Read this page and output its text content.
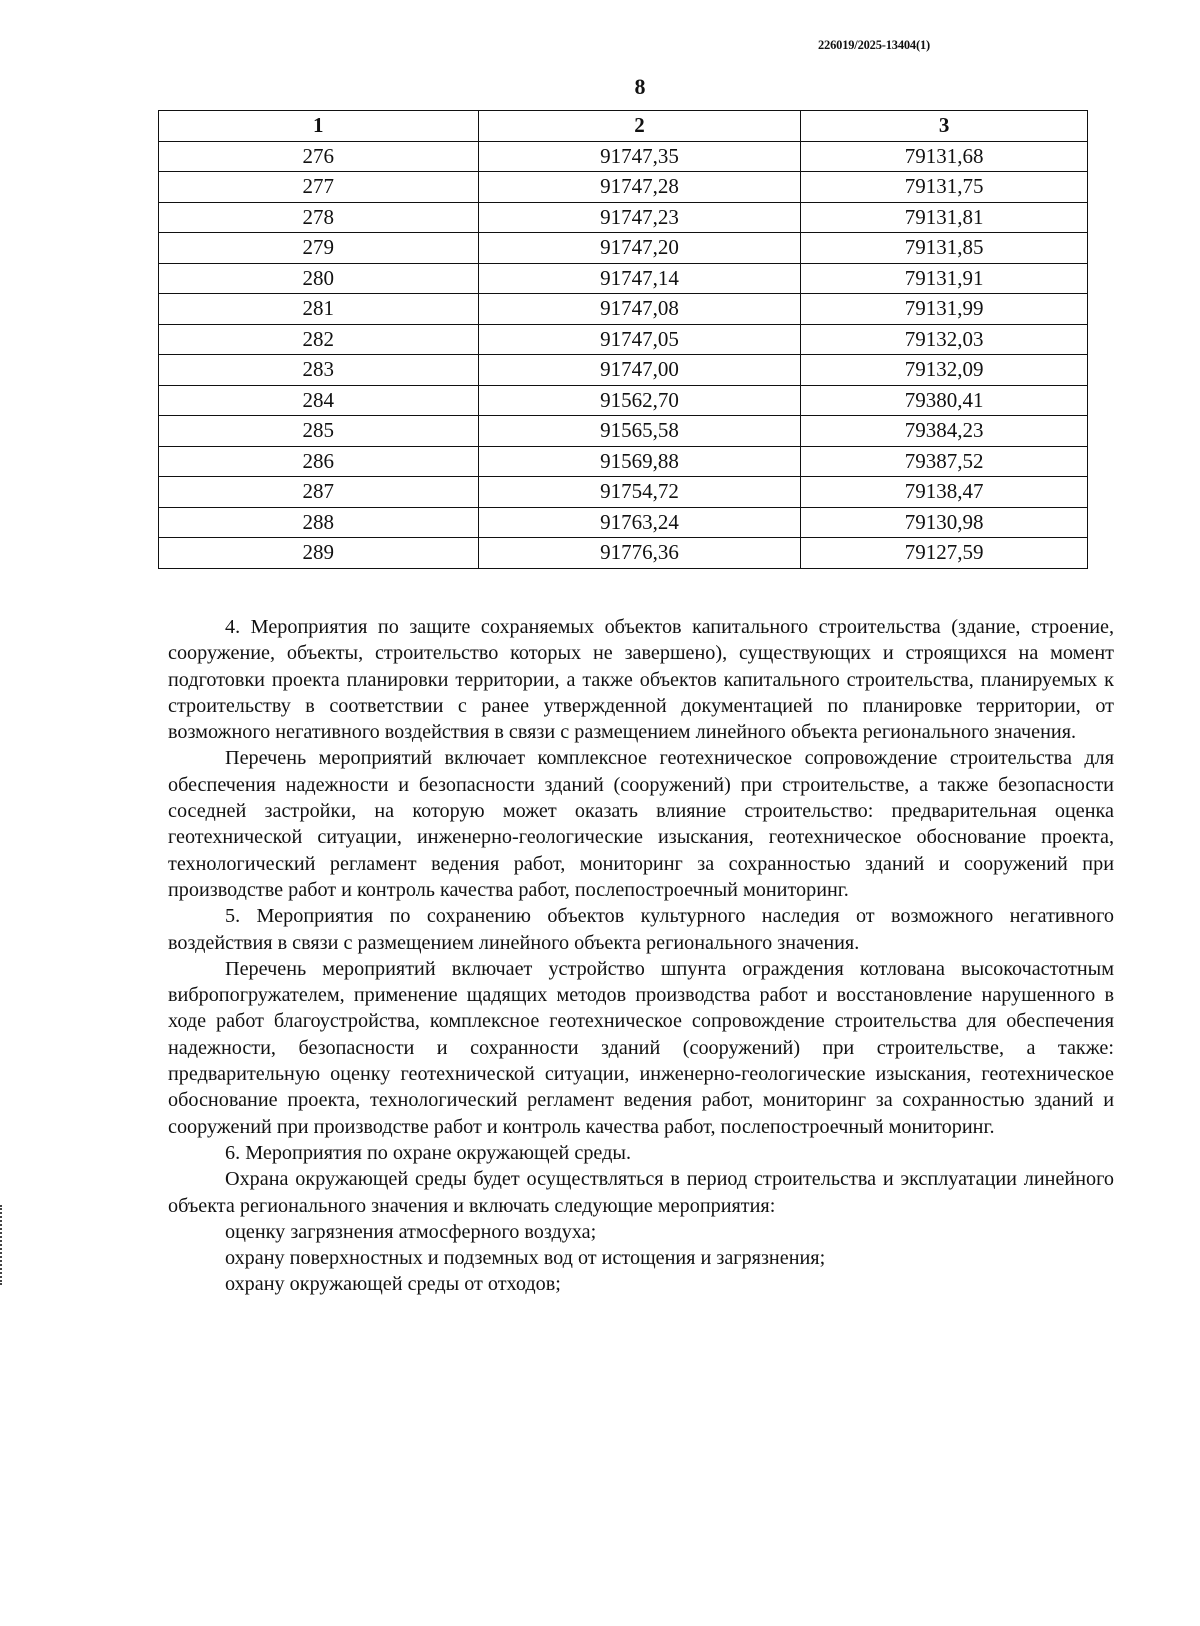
226019/2025-13404(1)
8
1	2	3
276	91747,35	79131,68
277	91747,28	79131,75
278	91747,23	79131,81
279	91747,20	79131,85
280	91747,14	79131,91
281	91747,08	79131,99
282	91747,05	79132,03
283	91747,00	79132,09
284	91562,70	79380,41
285	91565,58	79384,23
286	91569,88	79387,52
287	91754,72	79138,47
288	91763,24	79130,98
289	91776,36	79127,59

4. Мероприятия по защите сохраняемых объектов капитального строительства (здание, строение, сооружение, объекты, строительство которых не завершено), существующих и строящихся на момент подготовки проекта планировки территории, а также объектов капитального строительства, планируемых к строительству в соответствии с ранее утвержденной документацией по планировке территории, от возможного негативного воздействия в связи с размещением линейного объекта регионального значения.

Перечень мероприятий включает комплексное геотехническое сопровождение строительства для обеспечения надежности и безопасности зданий (сооружений) при строительстве, а также безопасности соседней застройки, на которую может оказать влияние строительство: предварительная оценка геотехнической ситуации, инженерно-геологические изыскания, геотехническое обоснование проекта, технологический регламент ведения работ, мониторинг за сохранностью зданий и сооружений при производстве работ и контроль качества работ, послепостроечный мониторинг.

5. Мероприятия по сохранению объектов культурного наследия от возможного негативного воздействия в связи с размещением линейного объекта регионального значения.

Перечень мероприятий включает устройство шпунта ограждения котлована высокочастотным вибропогружателем, применение щадящих методов производства работ и восстановление нарушенного в ходе работ благоустройства, комплексное геотехническое сопровождение строительства для обеспечения надежности, безопасности и сохранности зданий (сооружений) при строительстве, а также: предварительную оценку геотехнической ситуации, инженерно-геологические изыскания, геотехническое обоснование проекта, технологический регламент ведения работ, мониторинг за сохранностью зданий и сооружений при производстве работ и контроль качества работ, послепостроечный мониторинг.

6. Мероприятия по охране окружающей среды.

Охрана окружающей среды будет осуществляться в период строительства и эксплуатации линейного объекта регионального значения и включать следующие мероприятия:

оценку загрязнения атмосферного воздуха;

охрану поверхностных и подземных вод от истощения и загрязнения;

охрану окружающей среды от отходов;
